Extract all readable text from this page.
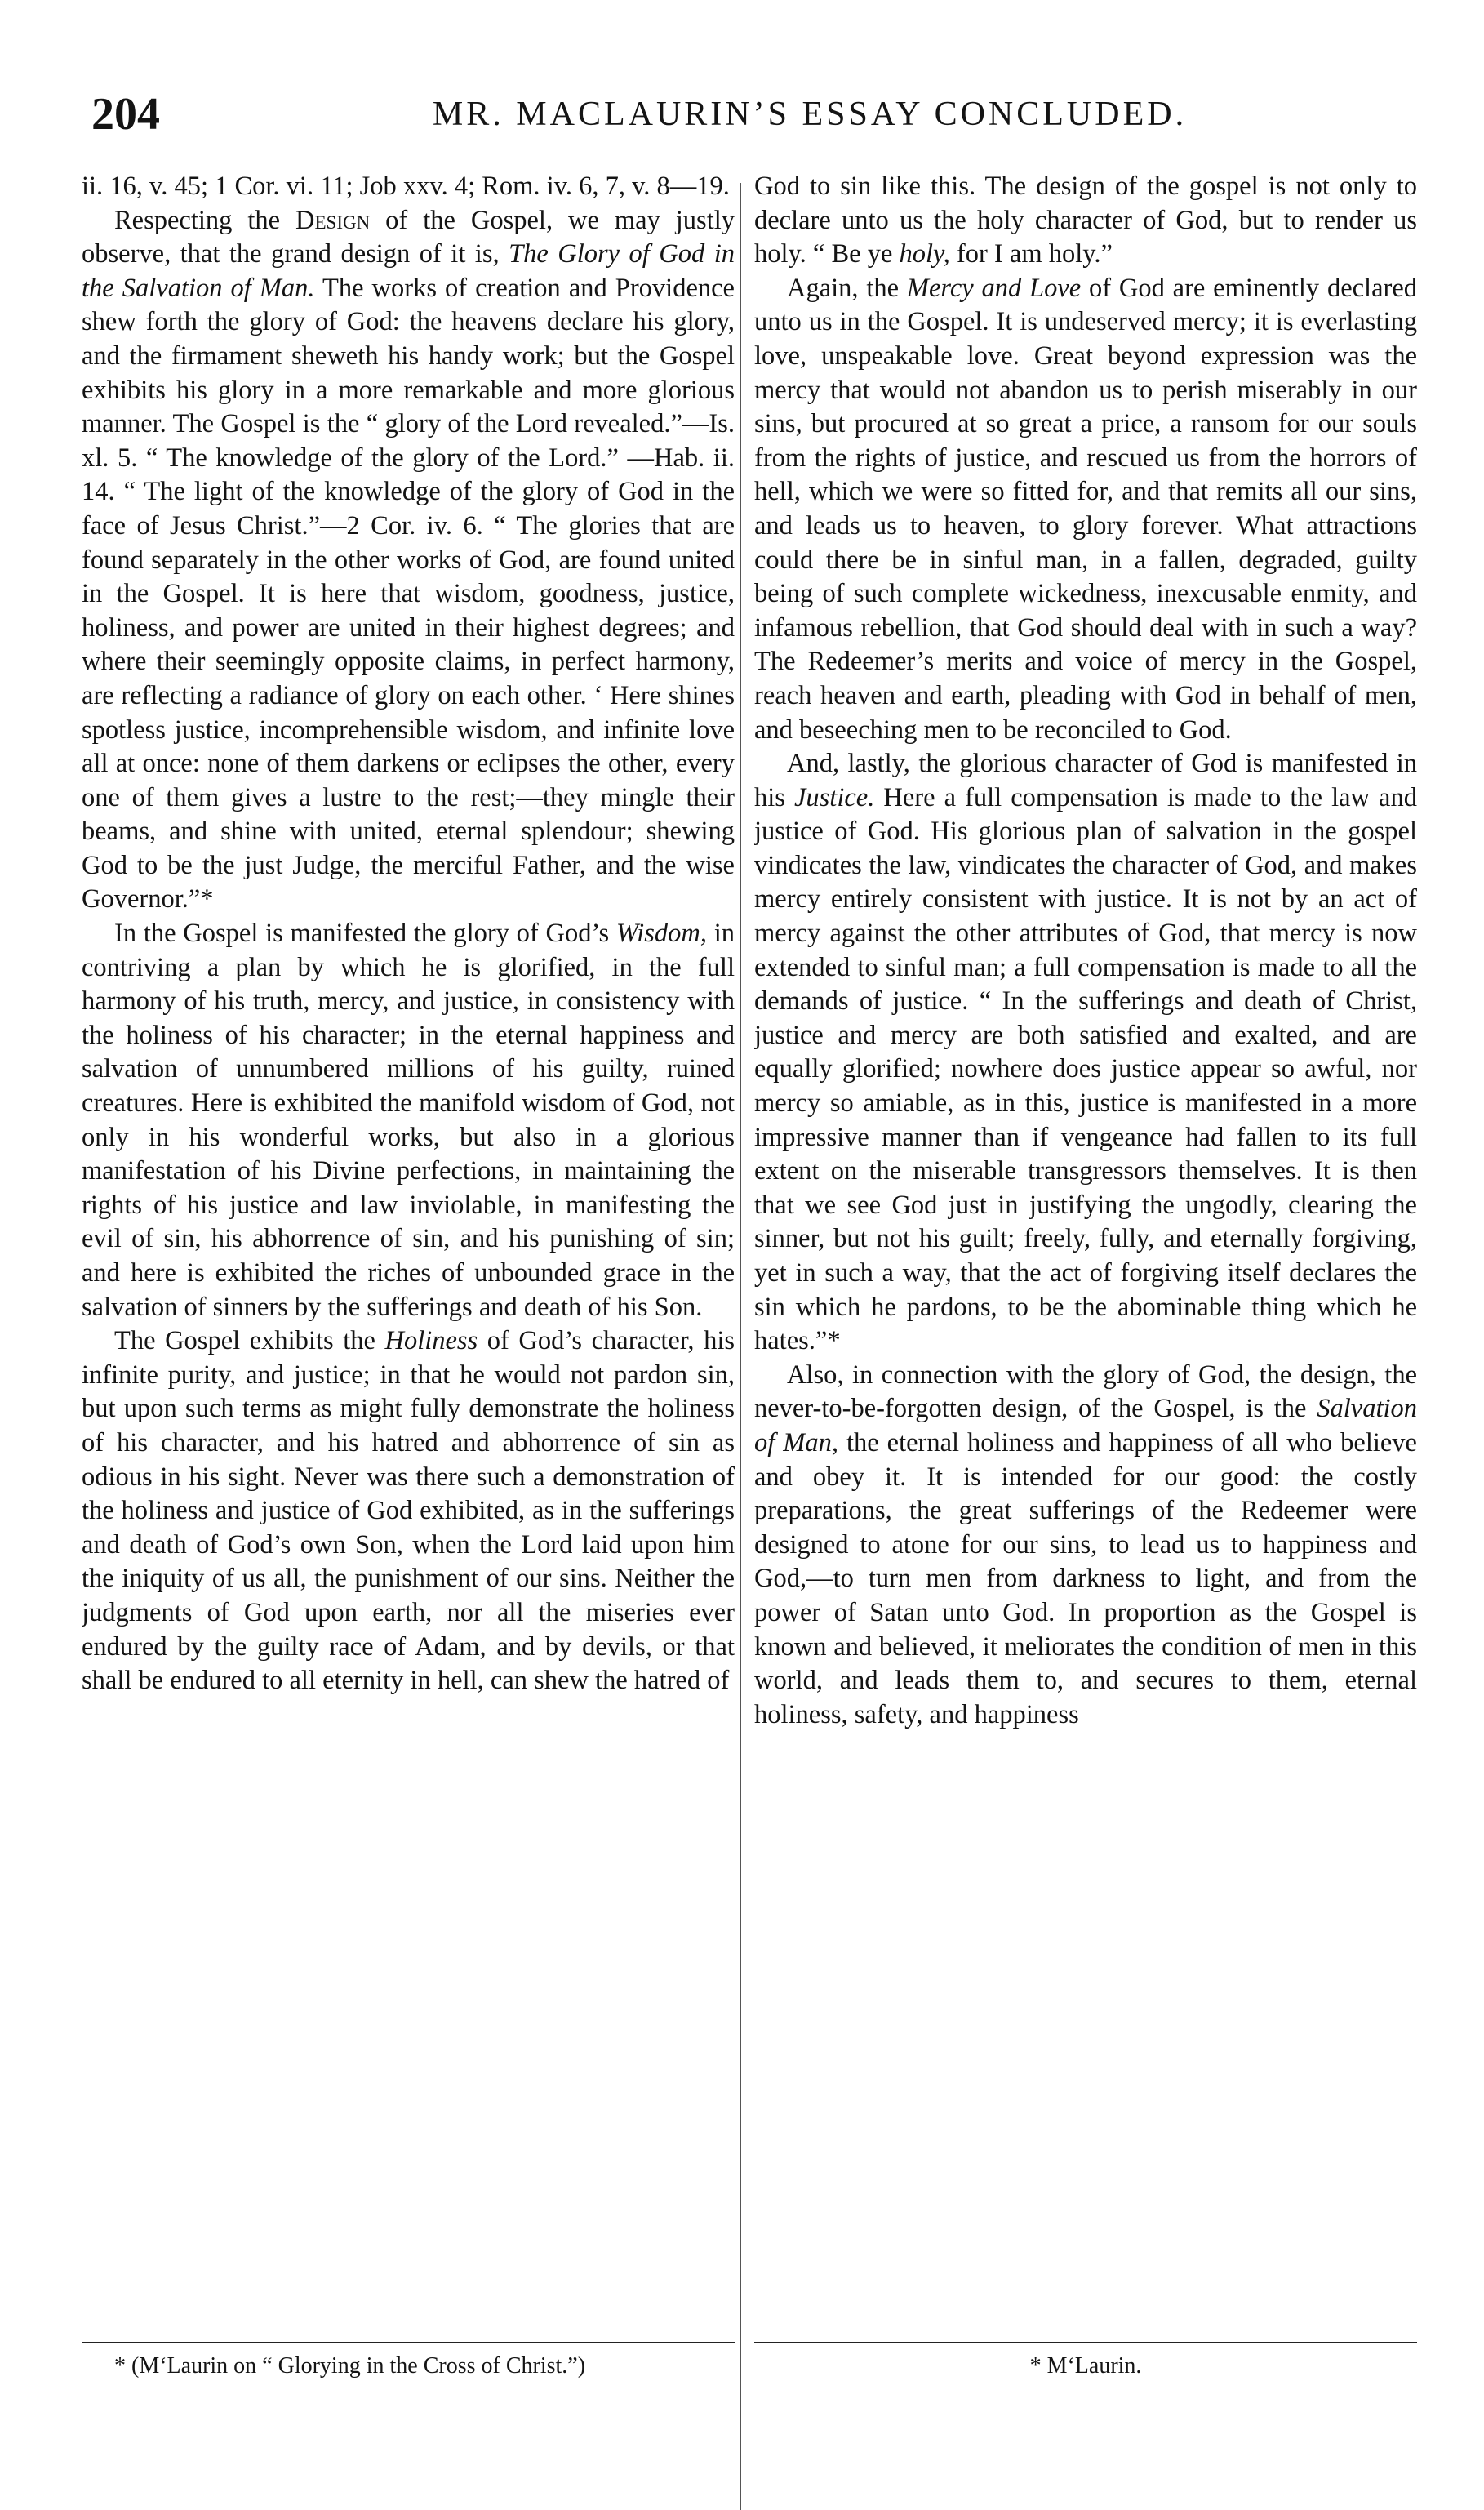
204	MR. MACLAURIN’S ESSAY CONCLUDED.

ii. 16, v. 45; 1 Cor. vi. 11; Job xxv. 4; Rom. iv. 6, 7, v. 8—19.

Respecting the Design of the Gospel, we may justly observe, that the grand design of it is, The Glory of God in the Salvation of Man. The works of creation and Providence shew forth the glory of God: the heavens declare his glory, and the firmament sheweth his handy work; but the Gospel exhibits his glory in a more remarkable and more glorious manner. The Gospel is the “ glory of the Lord revealed.”—Is. xl. 5. “ The knowledge of the glory of the Lord.” —Hab. ii. 14. “ The light of the knowledge of the glory of God in the face of Jesus Christ.”—2 Cor. iv. 6. “ The glories that are found separately in the other works of God, are found united in the Gospel. It is here that wisdom, goodness, justice, holiness, and power are united in their highest degrees; and where their seemingly opposite claims, in perfect harmony, are reflecting a radiance of glory on each other. ‘ Here shines spotless justice, incomprehensible wisdom, and infinite love all at once: none of them darkens or eclipses the other, every one of them gives a lustre to the rest;—they mingle their beams, and shine with united, eternal splendour; shewing God to be the just Judge, the merciful Father, and the wise Governor.”*

In the Gospel is manifested the glory of God’s Wisdom, in contriving a plan by which he is glorified, in the full harmony of his truth, mercy, and justice, in consistency with the holiness of his character; in the eternal happiness and salvation of unnumbered millions of his guilty, ruined creatures. Here is exhibited the manifold wisdom of God, not only in his wonderful works, but also in a glorious manifestation of his Divine perfections, in maintaining the rights of his justice and law inviolable, in manifesting the evil of sin, his abhorrence of sin, and his punishing of sin; and here is exhibited the riches of unbounded grace in the salvation of sinners by the sufferings and death of his Son.

The Gospel exhibits the Holiness of God’s character, his infinite purity, and justice; in that he would not pardon sin, but upon such terms as might fully demonstrate the holiness of his character, and his hatred and abhorrence of sin as odious in his sight. Never was there such a demonstration of the holiness and justice of God exhibited, as in the sufferings and death of God’s own Son, when the Lord laid upon him the iniquity of us all, the punishment of our sins. Neither the judgments of God upon earth, nor all the miseries ever endured by the guilty race of Adam, and by devils, or that shall be endured to all eternity in hell, can shew the hatred of

God to sin like this. The design of the gospel is not only to declare unto us the holy character of God, but to render us holy. “ Be ye holy, for I am holy.”

Again, the Mercy and Love of God are eminently declared unto us in the Gospel. It is undeserved mercy; it is everlasting love, unspeakable love. Great beyond expression was the mercy that would not abandon us to perish miserably in our sins, but procured at so great a price, a ransom for our souls from the rights of justice, and rescued us from the horrors of hell, which we were so fitted for, and that remits all our sins, and leads us to heaven, to glory forever. What attractions could there be in sinful man, in a fallen, degraded, guilty being of such complete wickedness, inexcusable enmity, and infamous rebellion, that God should deal with in such a way? The Redeemer’s merits and voice of mercy in the Gospel, reach heaven and earth, pleading with God in behalf of men, and beseeching men to be reconciled to God.

And, lastly, the glorious character of God is manifested in his Justice. Here a full compensation is made to the law and justice of God. His glorious plan of salvation in the gospel vindicates the law, vindicates the character of God, and makes mercy entirely consistent with justice. It is not by an act of mercy against the other attributes of God, that mercy is now extended to sinful man; a full compensation is made to all the demands of justice. “ In the sufferings and death of Christ, justice and mercy are both satisfied and exalted, and are equally glorified; nowhere does justice appear so awful, nor mercy so amiable, as in this, justice is manifested in a more impressive manner than if vengeance had fallen to its full extent on the miserable transgressors themselves. It is then that we see God just in justifying the ungodly, clearing the sinner, but not his guilt; freely, fully, and eternally forgiving, yet in such a way, that the act of forgiving itself declares the sin which he pardons, to be the abominable thing which he hates.”*

Also, in connection with the glory of God, the design, the never-to-be-forgotten design, of the Gospel, is the Salvation of Man, the eternal holiness and happiness of all who believe and obey it. It is intended for our good: the costly preparations, the great sufferings of the Redeemer were designed to atone for our sins, to lead us to happiness and God,—to turn men from darkness to light, and from the power of Satan unto God. In proportion as the Gospel is known and believed, it meliorates the condition of men in this world, and leads them to, and secures to them, eternal holiness, safety, and happiness

* (M‘Laurin on “ Glorying in the Cross of Christ.”)	* M‘Laurin.
